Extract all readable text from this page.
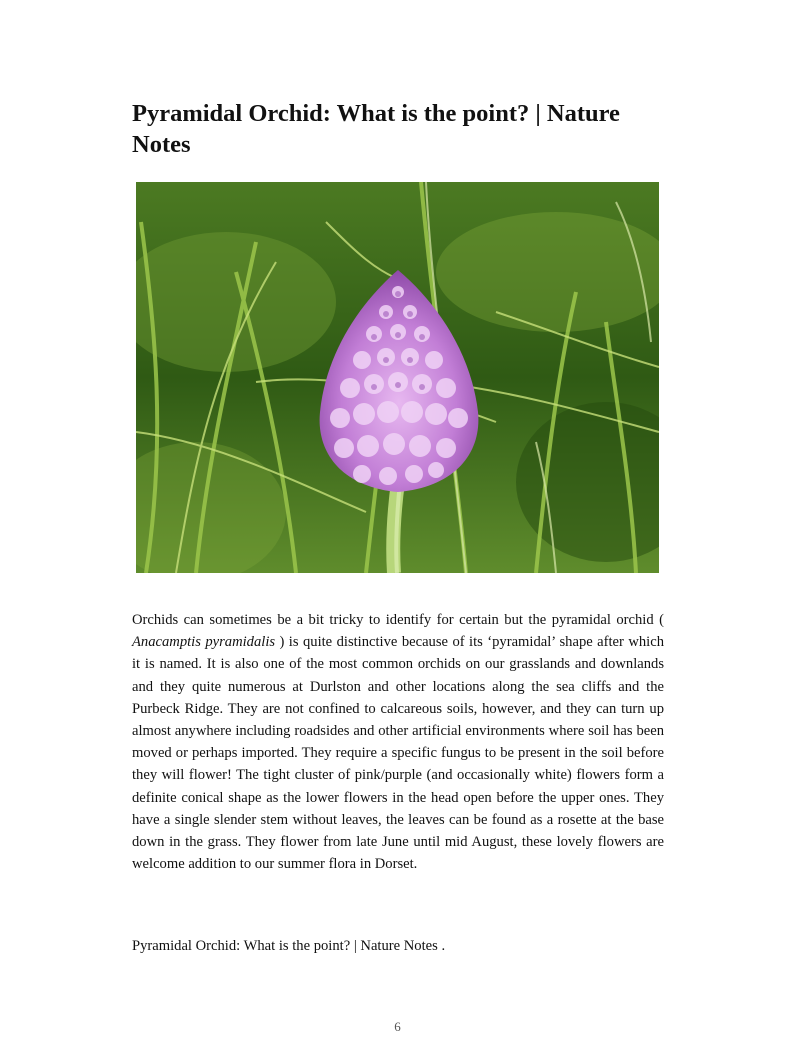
Pyramidal Orchid: What is the point? | Nature Notes

Orchids can sometimes be a bit tricky to identify for certain but the pyramidal orchid ( Anacamptis pyramidalis ) is quite distinctive because of its ‘pyramidal’ shape after which it is named. It is also one of the most common orchids on our grasslands and downlands and they quite numerous at Durlston and other locations along the sea cliffs and the Purbeck Ridge. They are not confined to calcareous soils, however, and they can turn up almost anywhere including roadsides and other artificial environments where soil has been moved or perhaps imported. They require a specific fungus to be present in the soil before they will flower! The tight cluster of pink/purple (and occasionally white) flowers form a definite conical shape as the lower flowers in the head open before the upper ones. They have a single slender stem without leaves, the leaves can be found as a rosette at the base down in the grass. They flower from late June until mid August, these lovely flowers are welcome addition to our summer flora in Dorset.

Pyramidal Orchid: What is the point? | Nature Notes .

6
